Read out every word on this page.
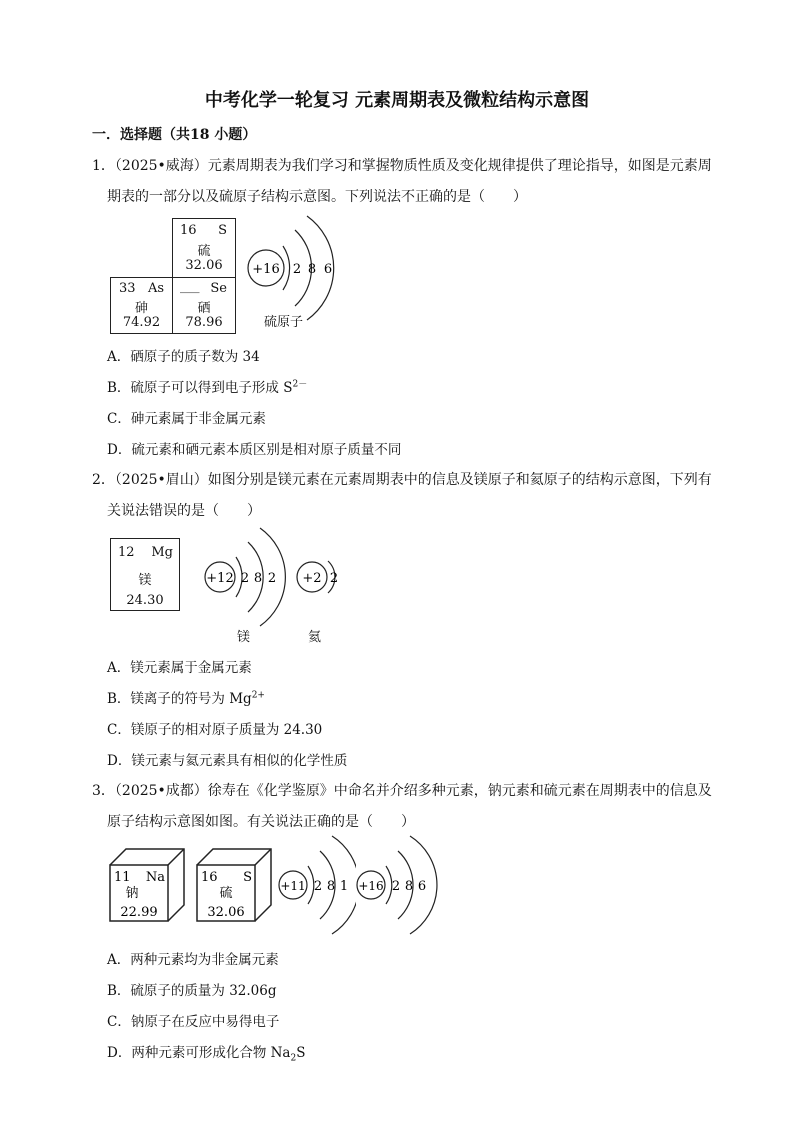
中考化学一轮复习 元素周期表及微粒结构示意图
一．选择题（共18 小题）
1．（2025•威海）元素周期表为我们学习和掌握物质性质及变化规律提供了理论指导，如图是元素周
期表的一部分以及硫原子结构示意图。下列说法不正确的是（　　）
16 S
硫
32.06
33 As
砷
74.92
___ Se
硒
78.96
+16 2 8 6
硫原子
A．硒原子的质子数为 34
B．硫原子可以得到电子形成 $S^{2-}$
C．砷元素属于非金属元素
D．硫元素和硒元素本质区别是相对原子质量不同
2．（2025•眉山）如图分别是镁元素在元素周期表中的信息及镁原子和氦原子的结构示意图，下列有
关说法错误的是（　　）
12 Mg
镁
24.30
+12 2 8 2 +2 2
镁	氦
A．镁元素属于金属元素
B．镁离子的符号为 $Mg^{2+}$
C．镁原子的相对原子质量为 24.30
D．镁元素与氦元素具有相似的化学性质
3．（2025•成都）徐寿在《化学鉴原》中命名并介绍多种元素，钠元素和硫元素在周期表中的信息及
原子结构示意图如图。有关说法正确的是（　　）
11 Na
钠
22.99
16 S
硫
32.06
+11 2 8 1 +16 2 8 6
A．两种元素均为非金属元素
B．硫原子的质量为 32.06g
C．钠原子在反应中易得电子
D．两种元素可形成化合物 $Na_2S$
